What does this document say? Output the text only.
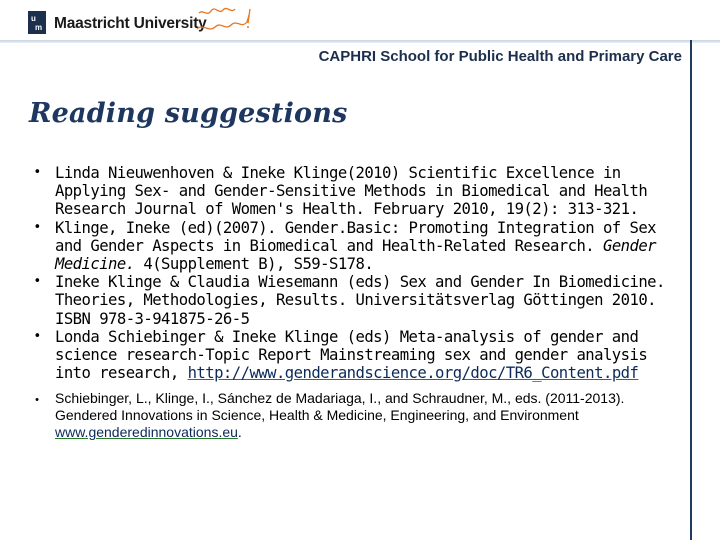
u
m Maastricht University
CAPHRI School for Public Health and Primary Care
Reading suggestions
• Linda Nieuwenhoven & Ineke Klinge(2010) Scientific Excellence in Applying Sex- and Gender-Sensitive Methods in Biomedical and Health Research Journal of Women's Health. February 2010, 19(2): 313-321.
• Klinge, Ineke (ed)(2007). Gender.Basic: Promoting Integration of Sex and Gender Aspects in Biomedical and Health-Related Research. Gender Medicine. 4(Supplement B), S59-S178.
• Ineke Klinge & Claudia Wiesemann (eds) Sex and Gender In Biomedicine. Theories, Methodologies, Results. Universitätsverlag Göttingen 2010. ISBN 978-3-941875-26-5
• Londa Schiebinger & Ineke Klinge (eds) Meta-analysis of gender and science research-Topic Report Mainstreaming sex and gender analysis into research, http://www.genderandscience.org/doc/TR6_Content.pdf
•	Schiebinger, L., Klinge, I., Sánchez de Madariaga, I., and Schraudner, M., eds. (2011-2013). Gendered Innovations in Science, Health & Medicine, Engineering, and Environment www.genderedinnovations.eu.
